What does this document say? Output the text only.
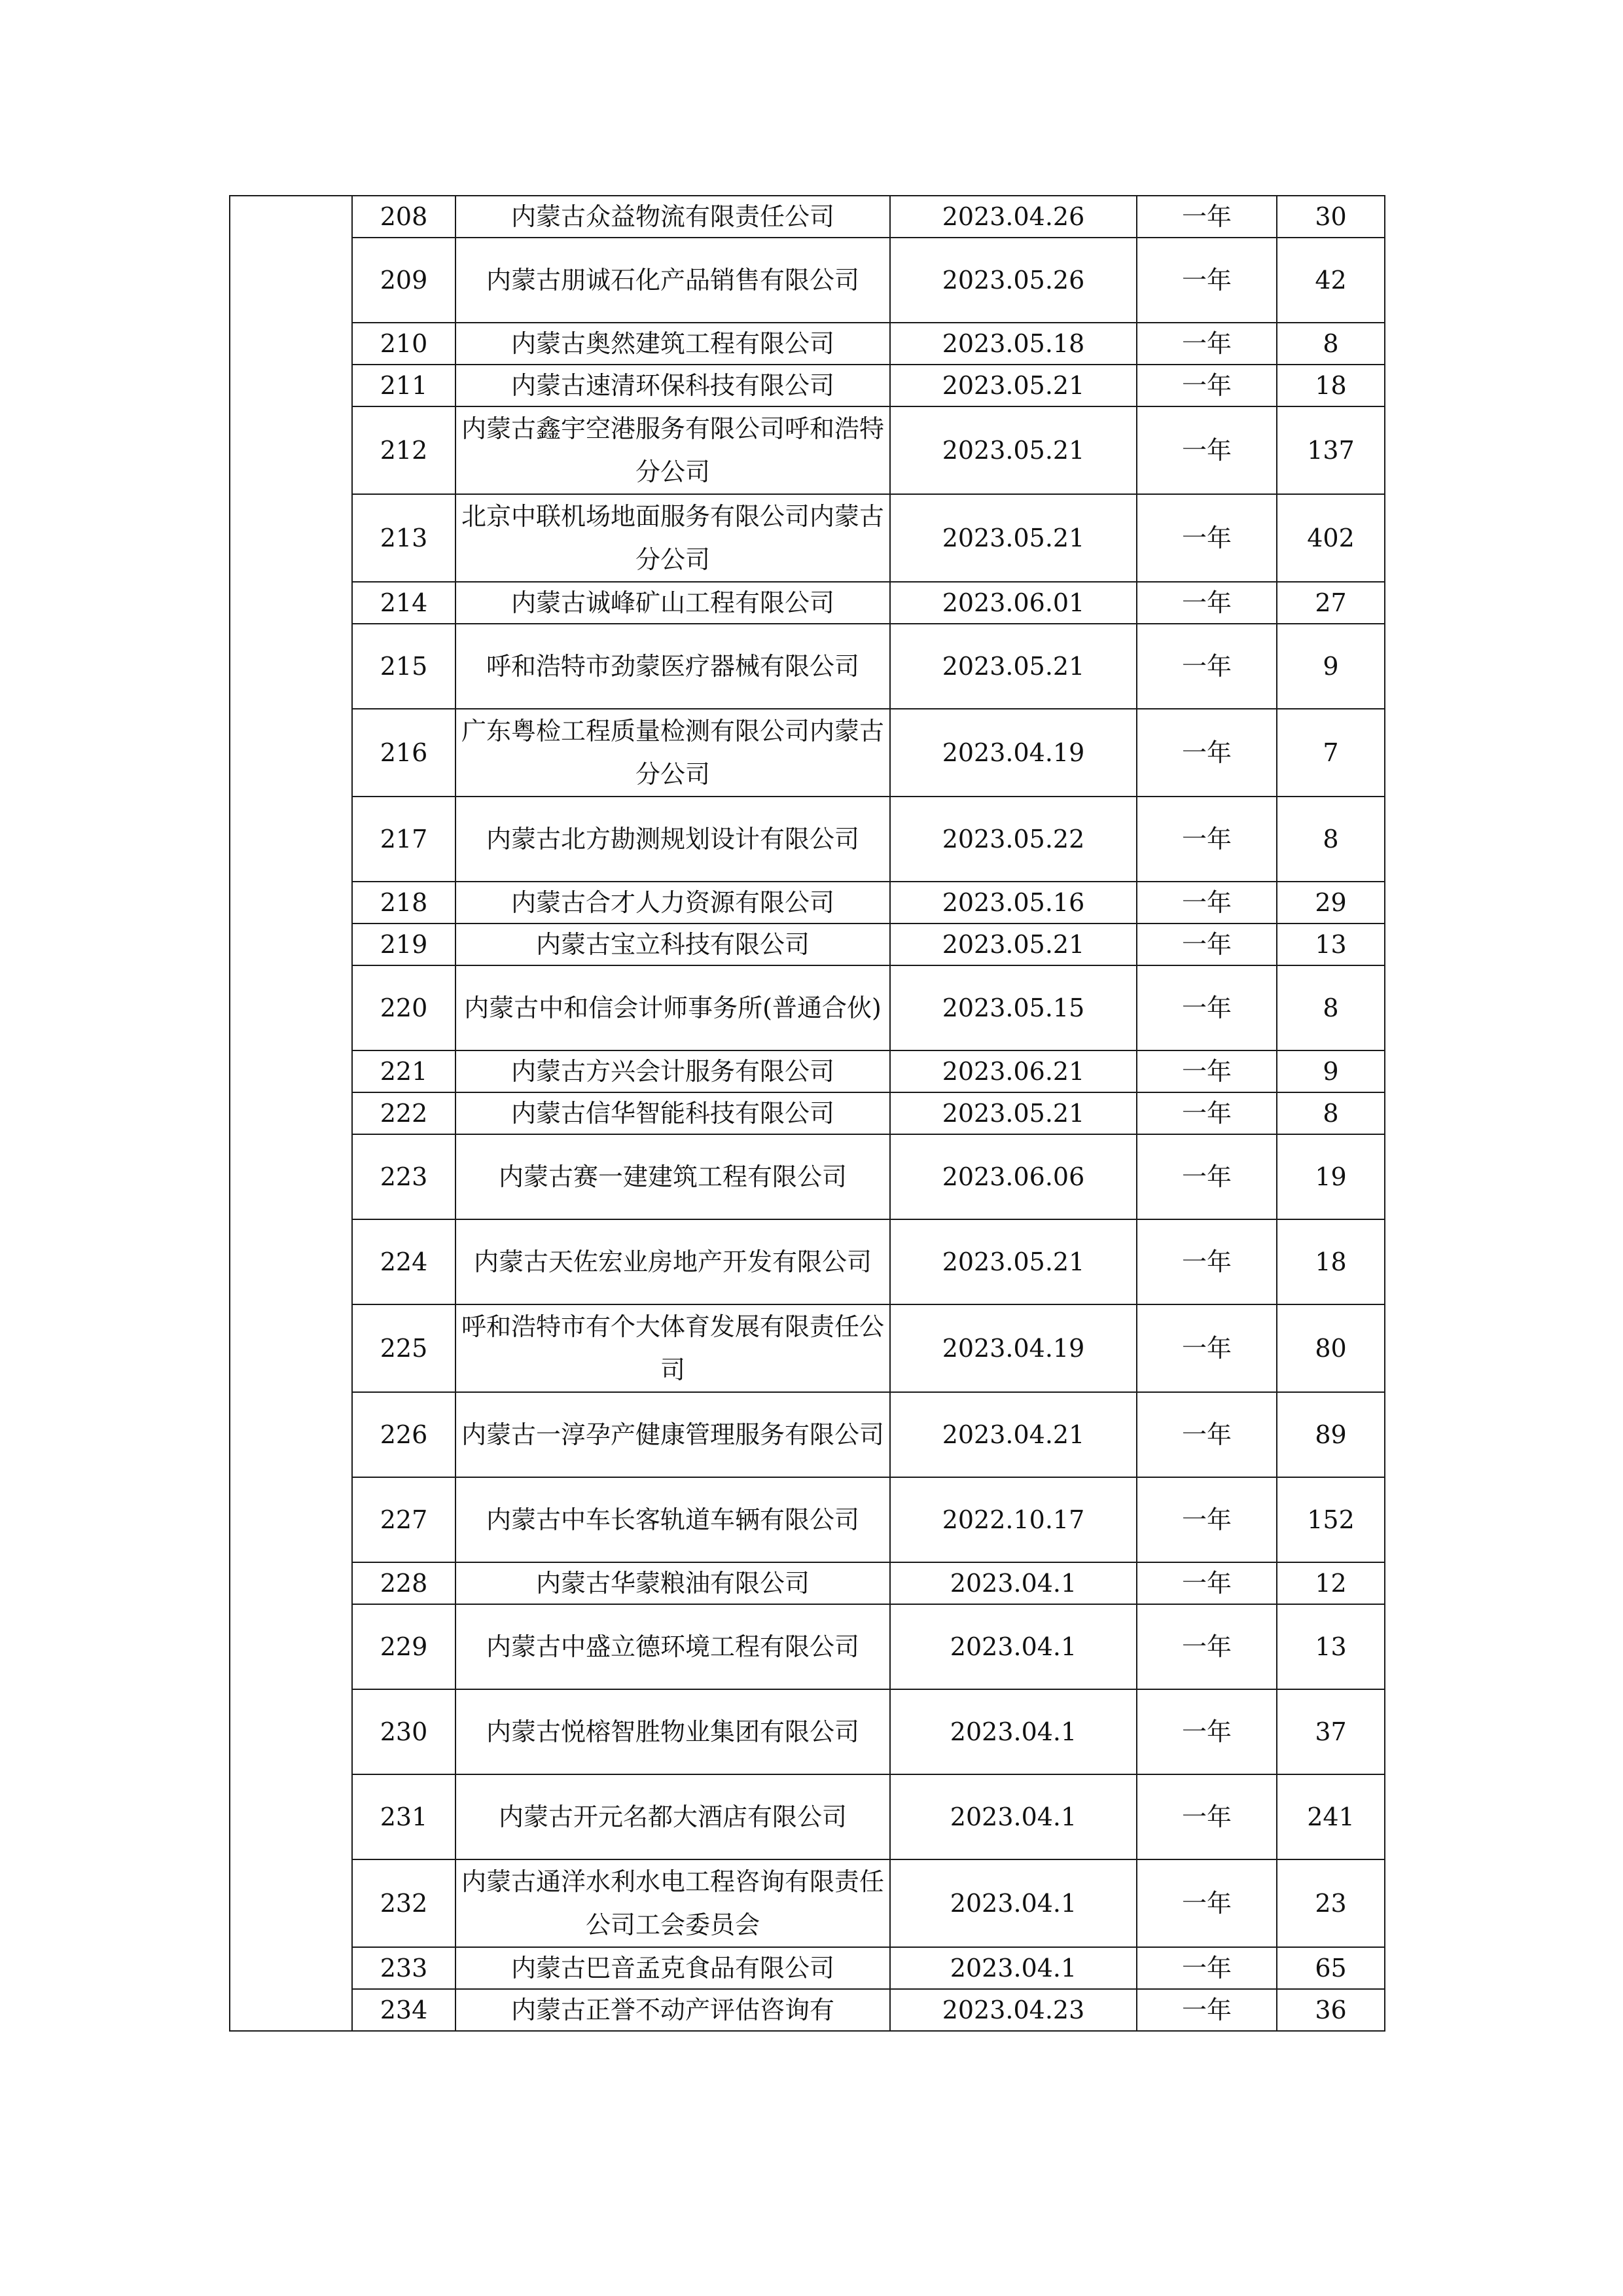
	208	内蒙古众益物流有限责任公司	2023.04.26	一年	30
	209	内蒙古朋诚石化产品销售有限公司	2023.05.26	一年	42
	210	内蒙古奥然建筑工程有限公司	2023.05.18	一年	8
	211	内蒙古速清环保科技有限公司	2023.05.21	一年	18
	212	内蒙古鑫宇空港服务有限公司呼和浩特分公司	2023.05.21	一年	137
	213	北京中联机场地面服务有限公司内蒙古分公司	2023.05.21	一年	402
	214	内蒙古诚峰矿山工程有限公司	2023.06.01	一年	27
	215	呼和浩特市劲蒙医疗器械有限公司	2023.05.21	一年	9
	216	广东粤检工程质量检测有限公司内蒙古分公司	2023.04.19	一年	7
	217	内蒙古北方勘测规划设计有限公司	2023.05.22	一年	8
	218	内蒙古合才人力资源有限公司	2023.05.16	一年	29
	219	内蒙古宝立科技有限公司	2023.05.21	一年	13
	220	内蒙古中和信会计师事务所(普通合伙)	2023.05.15	一年	8
	221	内蒙古方兴会计服务有限公司	2023.06.21	一年	9
	222	内蒙古信华智能科技有限公司	2023.05.21	一年	8
	223	内蒙古赛一建建筑工程有限公司	2023.06.06	一年	19
	224	内蒙古天佐宏业房地产开发有限公司	2023.05.21	一年	18
	225	呼和浩特市有个大体育发展有限责任公司	2023.04.19	一年	80
	226	内蒙古一淳孕产健康管理服务有限公司	2023.04.21	一年	89
	227	内蒙古中车长客轨道车辆有限公司	2022.10.17	一年	152
	228	内蒙古华蒙粮油有限公司	2023.04.1	一年	12
	229	内蒙古中盛立德环境工程有限公司	2023.04.1	一年	13
	230	内蒙古悦榕智胜物业集团有限公司	2023.04.1	一年	37
	231	内蒙古开元名都大酒店有限公司	2023.04.1	一年	241
	232	内蒙古通洋水利水电工程咨询有限责任公司工会委员会	2023.04.1	一年	23
	233	内蒙古巴音孟克食品有限公司	2023.04.1	一年	65
	234	内蒙古正誉不动产评估咨询有	2023.04.23	一年	36
